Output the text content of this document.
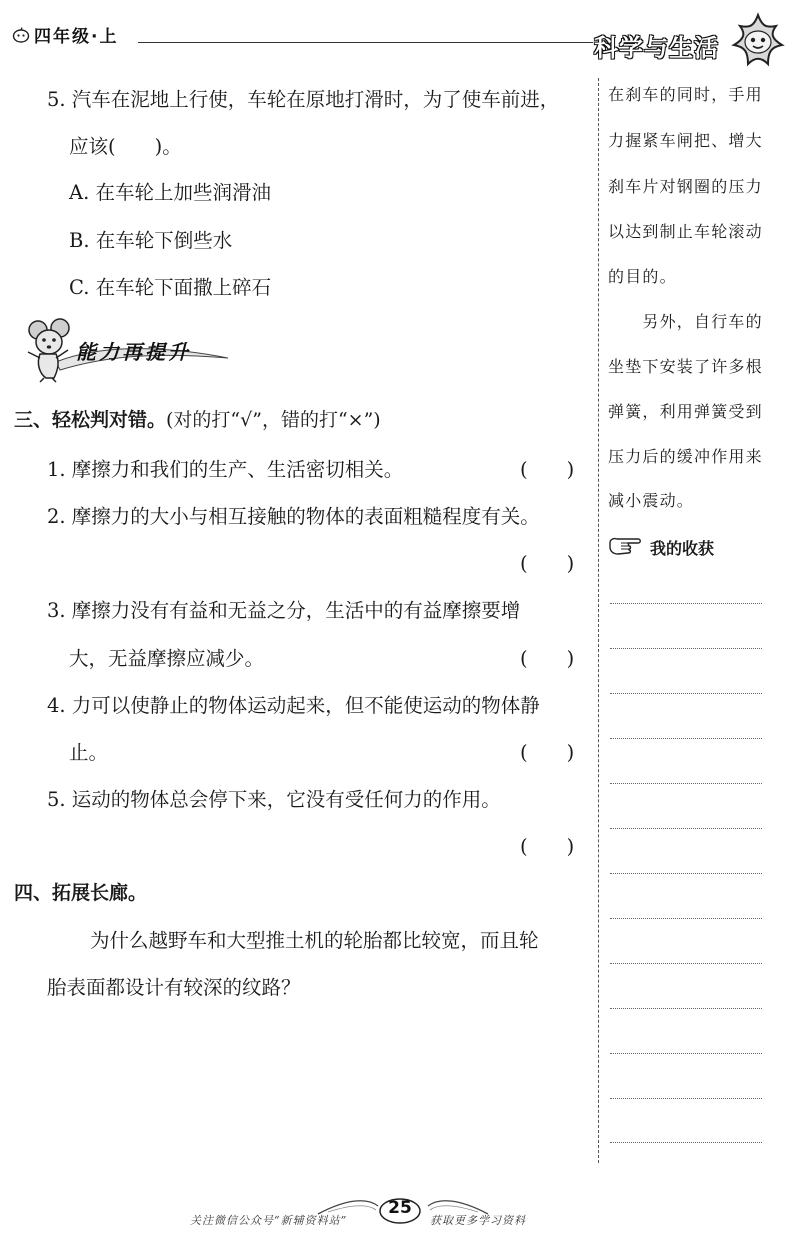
四年级·上	科学与生活
5. 汽车在泥地上行使，车轮在原地打滑时，为了使车前进，
应该(　　)。
A. 在车轮上加些润滑油
B. 在车轮下倒些水
C. 在车轮下面撒上碎石
能力再提升
三、轻松判对错。(对的打“√”，错的打“×”)
1. 摩擦力和我们的生产、生活密切相关。	(　　)
2. 摩擦力的大小与相互接触的物体的表面粗糙程度有关。
(　　)
3. 摩擦力没有有益和无益之分，生活中的有益摩擦要增
大，无益摩擦应减少。	(　　)
4. 力可以使静止的物体运动起来，但不能使运动的物体静
止。	(　　)
5. 运动的物体总会停下来，它没有受任何力的作用。
(　　)
四、拓展长廊。
为什么越野车和大型推土机的轮胎都比较宽，而且轮
胎表面都设计有较深的纹路？
在刹车的同时，手用
力握紧车闸把、增大
刹车片对钢圈的压力
以达到制止车轮滚动
的目的。
　　另外，自行车的
坐垫下安装了许多根
弹簧，利用弹簧受到
压力后的缓冲作用来
减小震动。
我的收获
25
关注微信公众号“新辅资料站”	获取更多学习资料
